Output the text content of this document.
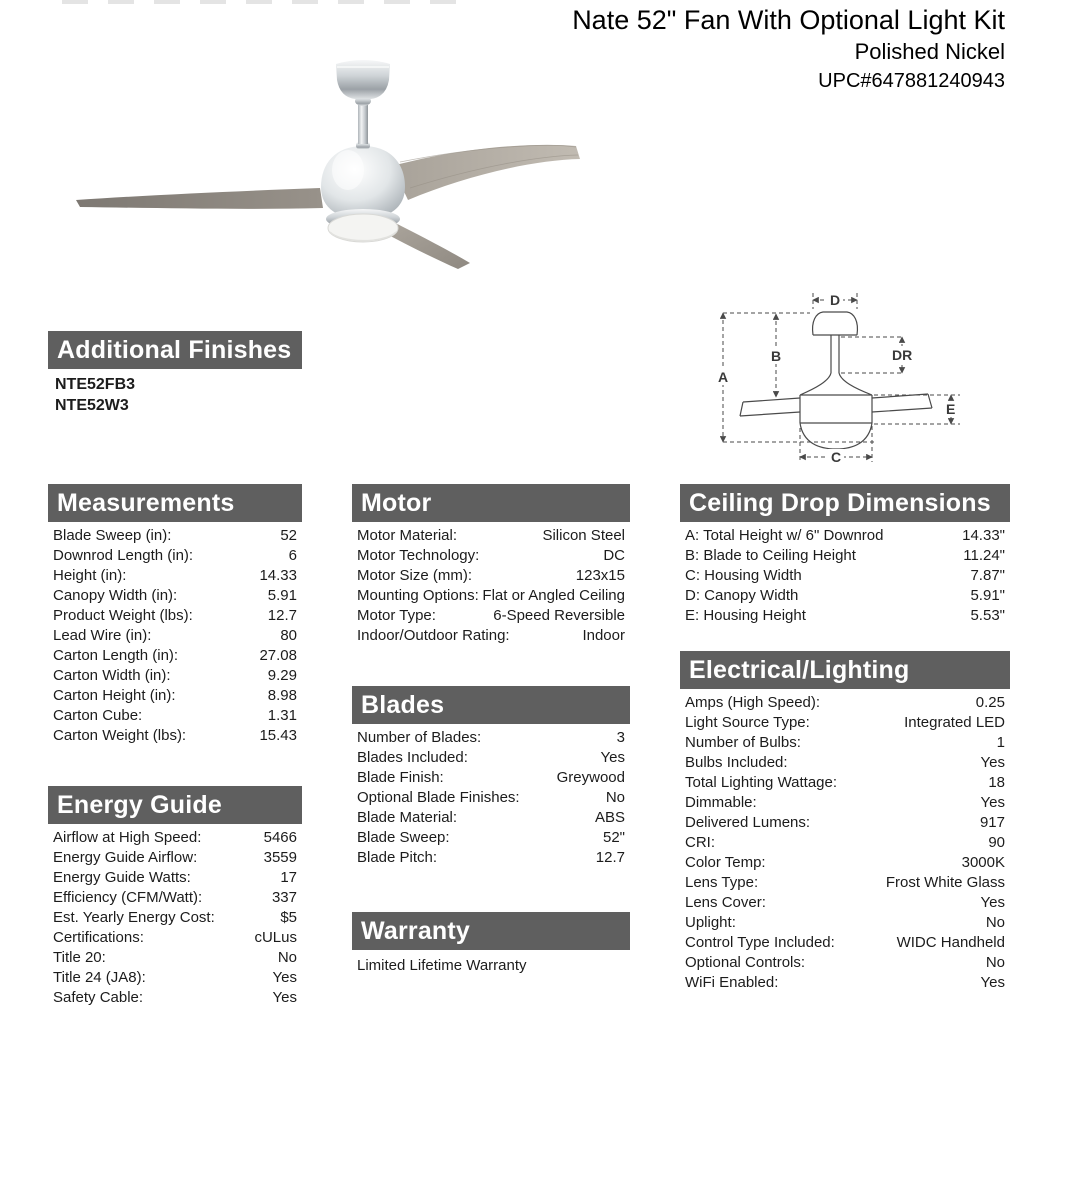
Nate 52" Fan With Optional Light Kit
Polished Nickel
UPC#647881240943
D
A
B	DR
E
C
Additional Finishes
NTE52FB3
NTE52W3
Measurements
Blade Sweep (in):	52
Downrod Length (in):	6
Height (in):	14.33
Canopy Width (in):	5.91
Product Weight (lbs):	12.7
Lead Wire (in):	80
Carton Length (in):	27.08
Carton Width (in):	9.29
Carton Height (in):	8.98
Carton Cube:	1.31
Carton Weight (lbs):	15.43
Energy Guide
Airflow at High Speed:	5466
Energy Guide Airflow:	3559
Energy Guide Watts:	17
Efficiency (CFM/Watt):	337
Est. Yearly Energy Cost:	$5
Certifications:	cULus
Title 20:	No
Title 24 (JA8):	Yes
Safety Cable:	Yes
Motor
Motor Material:	Silicon Steel
Motor Technology:	DC
Motor Size (mm):	123x15
Mounting Options: Flat or Angled Ceiling
Motor Type:	6-Speed Reversible
Indoor/Outdoor Rating:	Indoor
Blades
Number of Blades:	3
Blades Included:	Yes
Blade Finish:	Greywood
Optional Blade Finishes:	No
Blade Material:	ABS
Blade Sweep:	52"
Blade Pitch:	12.7
Warranty
Limited Lifetime Warranty
Ceiling Drop Dimensions
A: Total Height w/ 6" Downrod	14.33"
B: Blade to Ceiling Height	11.24"
C: Housing Width	7.87"
D: Canopy Width	5.91"
E: Housing Height	5.53"
Electrical/Lighting
Amps (High Speed):	0.25
Light Source Type:	Integrated LED
Number of Bulbs:	1
Bulbs Included:	Yes
Total Lighting Wattage:	18
Dimmable:	Yes
Delivered Lumens:	917
CRI:	90
Color Temp:	3000K
Lens Type:	Frost White Glass
Lens Cover:	Yes
Uplight:	No
Control Type Included:	WIDC Handheld
Optional Controls:	No
WiFi Enabled:	Yes
